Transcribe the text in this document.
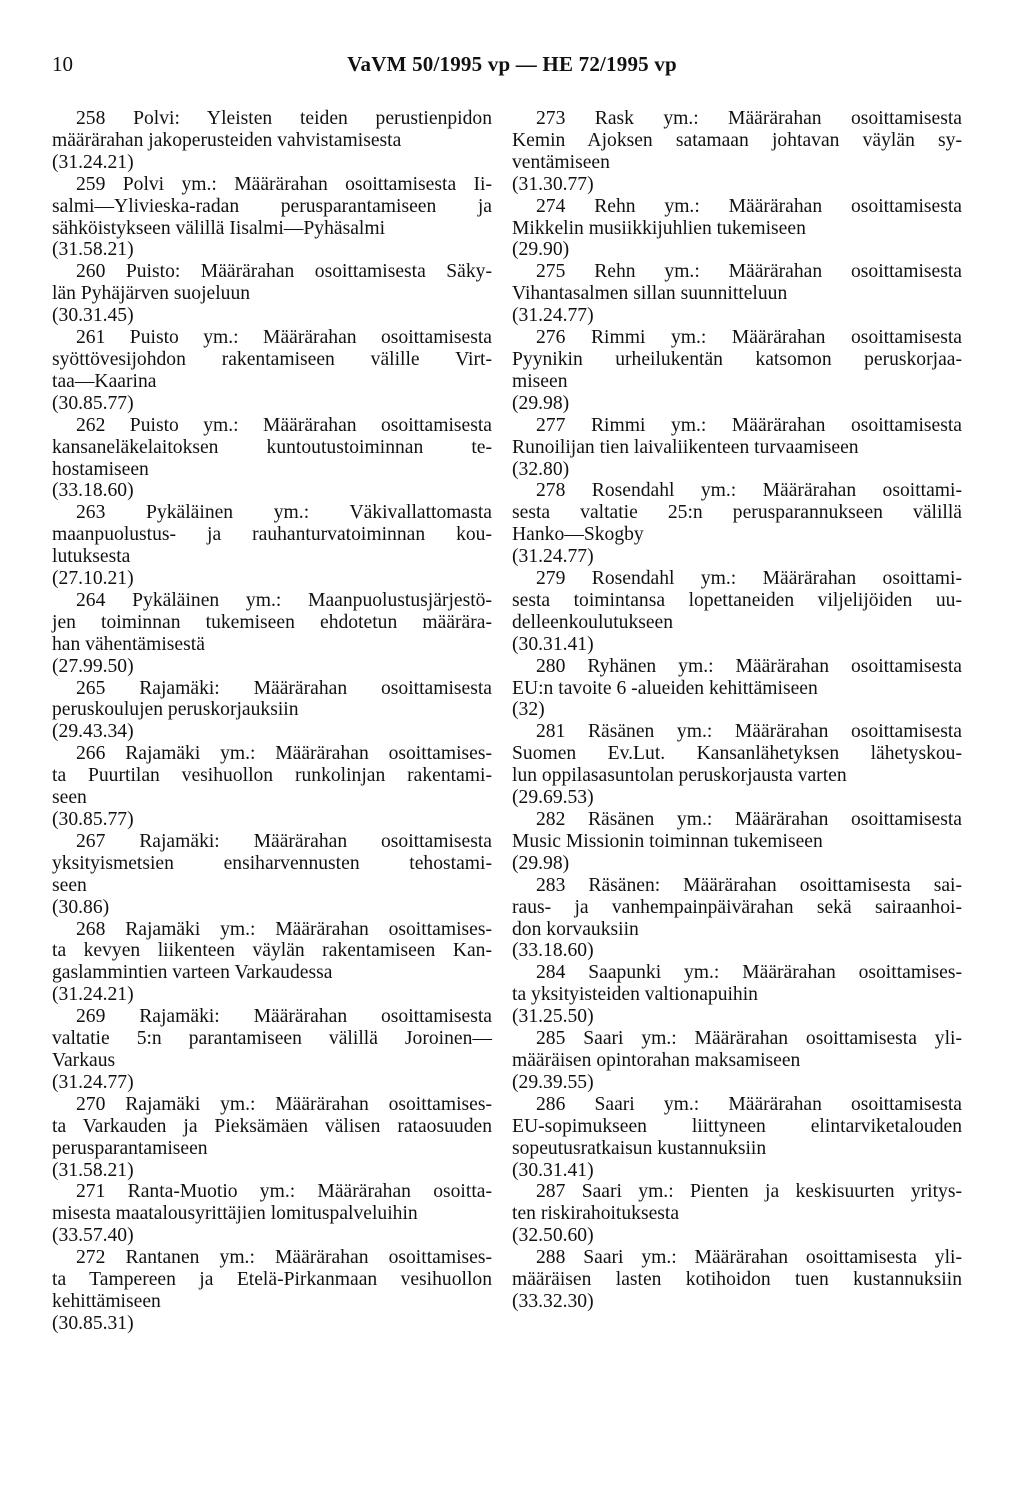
10	VaVM 50/1995 vp — HE 72/1995 vp
258 Polvi: Yleisten teiden perustienpidon
määrärahan jakoperusteiden vahvistamisesta
(31.24.21)
259 Polvi ym.: Määrärahan osoittamisesta Ii-
salmi—Ylivieska-radan perusparantamiseen ja
sähköistykseen välillä Iisalmi—Pyhäsalmi
(31.58.21)
260 Puisto: Määrärahan osoittamisesta Säky-
län Pyhäjärven suojeluun
(30.31.45)
261 Puisto ym.: Määrärahan osoittamisesta
syöttövesijohdon rakentamiseen välille Virt-
taa—Kaarina
(30.85.77)
262 Puisto ym.: Määrärahan osoittamisesta
kansaneläkelaitoksen kuntoutustoiminnan te-
hostamiseen
(33.18.60)
263 Pykäläinen ym.: Väkivallattomasta
maanpuolustus- ja rauhanturvatoiminnan kou-
lutuksesta
(27.10.21)
264 Pykäläinen ym.: Maanpuolustusjärjestö-
jen toiminnan tukemiseen ehdotetun määrära-
han vähentämisestä
(27.99.50)
265 Rajamäki: Määrärahan osoittamisesta
peruskoulujen peruskorjauksiin
(29.43.34)
266 Rajamäki ym.: Määrärahan osoittamises-
ta Puurtilan vesihuollon runkolinjan rakentami-
seen
(30.85.77)
267 Rajamäki: Määrärahan osoittamisesta
yksityismetsien ensiharvennusten tehostami-
seen
(30.86)
268 Rajamäki ym.: Määrärahan osoittamises-
ta kevyen liikenteen väylän rakentamiseen Kan-
gaslammintien varteen Varkaudessa
(31.24.21)
269 Rajamäki: Määrärahan osoittamisesta
valtatie 5:n parantamiseen välillä Joroinen—
Varkaus
(31.24.77)
270 Rajamäki ym.: Määrärahan osoittamises-
ta Varkauden ja Pieksämäen välisen rataosuuden
perusparantamiseen
(31.58.21)
271 Ranta-Muotio ym.: Määrärahan osoitta-
misesta maatalousyrittäjien lomituspalveluihin
(33.57.40)
272 Rantanen ym.: Määrärahan osoittamises-
ta Tampereen ja Etelä-Pirkanmaan vesihuollon
kehittämiseen
(30.85.31)
273 Rask ym.: Määrärahan osoittamisesta
Kemin Ajoksen satamaan johtavan väylän sy-
ventämiseen
(31.30.77)
274 Rehn ym.: Määrärahan osoittamisesta
Mikkelin musiikkijuhlien tukemiseen
(29.90)
275 Rehn ym.: Määrärahan osoittamisesta
Vihantasalmen sillan suunnitteluun
(31.24.77)
276 Rimmi ym.: Määrärahan osoittamisesta
Pyynikin urheilukentän katsomon peruskorjaa-
miseen
(29.98)
277 Rimmi ym.: Määrärahan osoittamisesta
Runoilijan tien laivaliikenteen turvaamiseen
(32.80)
278 Rosendahl ym.: Määrärahan osoittami-
sesta valtatie 25:n perusparannukseen välillä
Hanko—Skogby
(31.24.77)
279 Rosendahl ym.: Määrärahan osoittami-
sesta toimintansa lopettaneiden viljelijöiden uu-
delleenkoulutukseen
(30.31.41)
280 Ryhänen ym.: Määrärahan osoittamisesta
EU:n tavoite 6 -alueiden kehittämiseen
(32)
281 Räsänen ym.: Määrärahan osoittamisesta
Suomen Ev.Lut. Kansanlähetyksen lähetyskou-
lun oppilasasuntolan peruskorjausta varten
(29.69.53)
282 Räsänen ym.: Määrärahan osoittamisesta
Music Missionin toiminnan tukemiseen
(29.98)
283 Räsänen: Määrärahan osoittamisesta sai-
raus- ja vanhempainpäivärahan sekä sairaanhoi-
don korvauksiin
(33.18.60)
284 Saapunki ym.: Määrärahan osoittamises-
ta yksityisteiden valtionapuihin
(31.25.50)
285 Saari ym.: Määrärahan osoittamisesta yli-
määräisen opintorahan maksamiseen
(29.39.55)
286 Saari ym.: Määrärahan osoittamisesta
EU-sopimukseen liittyneen elintarviketalouden
sopeutusratkaisun kustannuksiin
(30.31.41)
287 Saari ym.: Pienten ja keskisuurten yritys-
ten riskirahoituksesta
(32.50.60)
288 Saari ym.: Määrärahan osoittamisesta yli-
määräisen lasten kotihoidon tuen kustannuksiin
(33.32.30)
